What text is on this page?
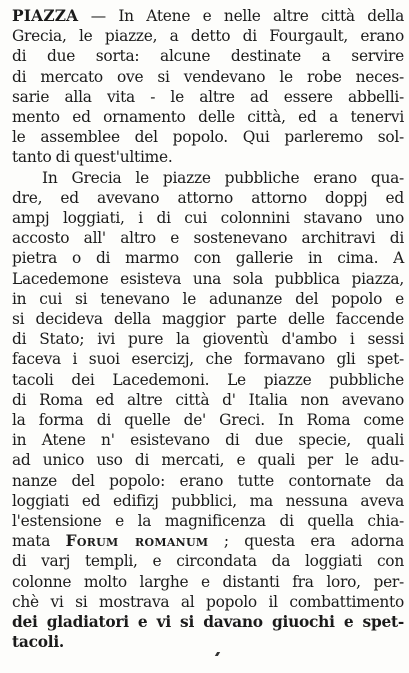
PIAZZA — In Atene e nelle altre città della
Grecia, le piazze, a detto di Fourgault, erano
di due sorta: alcune destinate a servire
di mercato ove si vendevano le robe neces-
sarie alla vita - le altre ad essere abbelli-
mento ed ornamento delle città, ed a tenervi
le assemblee del popolo. Qui parleremo sol-
tanto di quest'ultime.
In Grecia le piazze pubbliche erano qua-
dre, ed avevano attorno attorno doppj ed
ampj loggiati, i di cui colonnini stavano uno
accosto all' altro e sostenevano architravi di
pietra o di marmo con gallerie in cima. A
Lacedemone esisteva una sola pubblica piazza,
in cui si tenevano le adunanze del popolo e
si decideva della maggior parte delle faccende
di Stato; ivi pure la gioventù d'ambo i sessi
faceva i suoi esercizj, che formavano gli spet-
tacoli dei Lacedemoni. Le piazze pubbliche
di Roma ed altre città d' Italia non avevano
la forma di quelle de' Greci. In Roma come
in Atene n' esistevano di due specie, quali
ad unico uso di mercati, e quali per le adu-
nanze del popolo: erano tutte contornate da
loggiati ed edifizj pubblici, ma nessuna aveva
l'estensione e la magnificenza di quella chia-
mata Forum romanum ; questa era adorna
di varj templi, e circondata da loggiati con
colonne molto larghe e distanti fra loro, per-
chè vi si mostrava al popolo il combattimento
dei gladiatori e vi si davano giuochi e spet-
tacoli.
